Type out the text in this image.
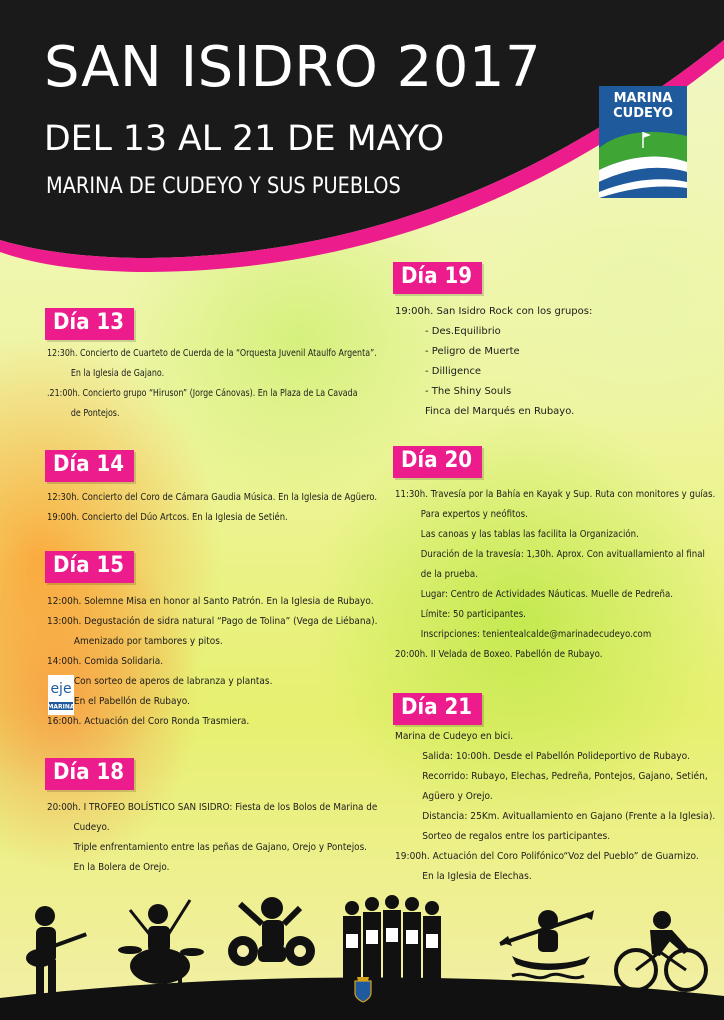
SAN ISIDRO 2017
DEL 13 AL 21 DE MAYO
MARINA DE CUDEYO Y SUS PUEBLOS
MARINA
CUDEYO
Día 13
12:30h. Concierto de Cuarteto de Cuerda de la “Orquesta Juvenil Ataulfo Argenta”.
En la Iglesia de Gajano.
.21:00h. Concierto grupo “Hiruson” (Jorge Cánovas). En la Plaza de La Cavada
de Pontejos.
Día 14
12:30h. Concierto del Coro de Cámara Gaudia Música. En la Iglesia de Agüero.
19:00h. Concierto del Dúo Artcos. En la Iglesia de Setién.
Día 15
12:00h. Solemne Misa en honor al Santo Patrón. En la Iglesia de Rubayo.
13:00h. Degustación de sidra natural “Pago de Tolina” (Vega de Liébana).
Amenizado por tambores y pitos.
14:00h. Comida Solidaria.
Con sorteo de aperos de labranza y plantas.
En el Pabellón de Rubayo.
16:00h. Actuación del Coro Ronda Trasmiera.
eje
MARINA
Día 18
20:00h. I TROFEO BOLÍSTICO SAN ISIDRO: Fiesta de los Bolos de Marina de
Cudeyo.
Triple enfrentamiento entre las peñas de Gajano, Orejo y Pontejos.
En la Bolera de Orejo.
Día 19
19:00h. San Isidro Rock con los grupos:
- Des.Equilibrio
- Peligro de Muerte
- Dilligence
- The Shiny Souls
Finca del Marqués en Rubayo.
Día 20
11:30h. Travesía por la Bahía en Kayak y Sup. Ruta con monitores y guías.
Para expertos y neófitos.
Las canoas y las tablas las facilita la Organización.
Duración de la travesía: 1,30h. Aprox. Con avituallamiento al final
de la prueba.
Lugar: Centro de Actividades Náuticas. Muelle de Pedreña.
Límite: 50 participantes.
Inscripciones: tenientealcalde@marinadecudeyo.com
20:00h. II Velada de Boxeo. Pabellón de Rubayo.
Día 21
Marina de Cudeyo en bici.
Salida: 10:00h. Desde el Pabellón Polideportivo de Rubayo.
Recorrido: Rubayo, Elechas, Pedreña, Pontejos, Gajano, Setién,
Agüero y Orejo.
Distancia: 25Km. Avituallamiento en Gajano (Frente a la Iglesia).
Sorteo de regalos entre los participantes.
19:00h. Actuación del Coro Polifónico“Voz del Pueblo” de Guarnizo.
En la Iglesia de Elechas.
